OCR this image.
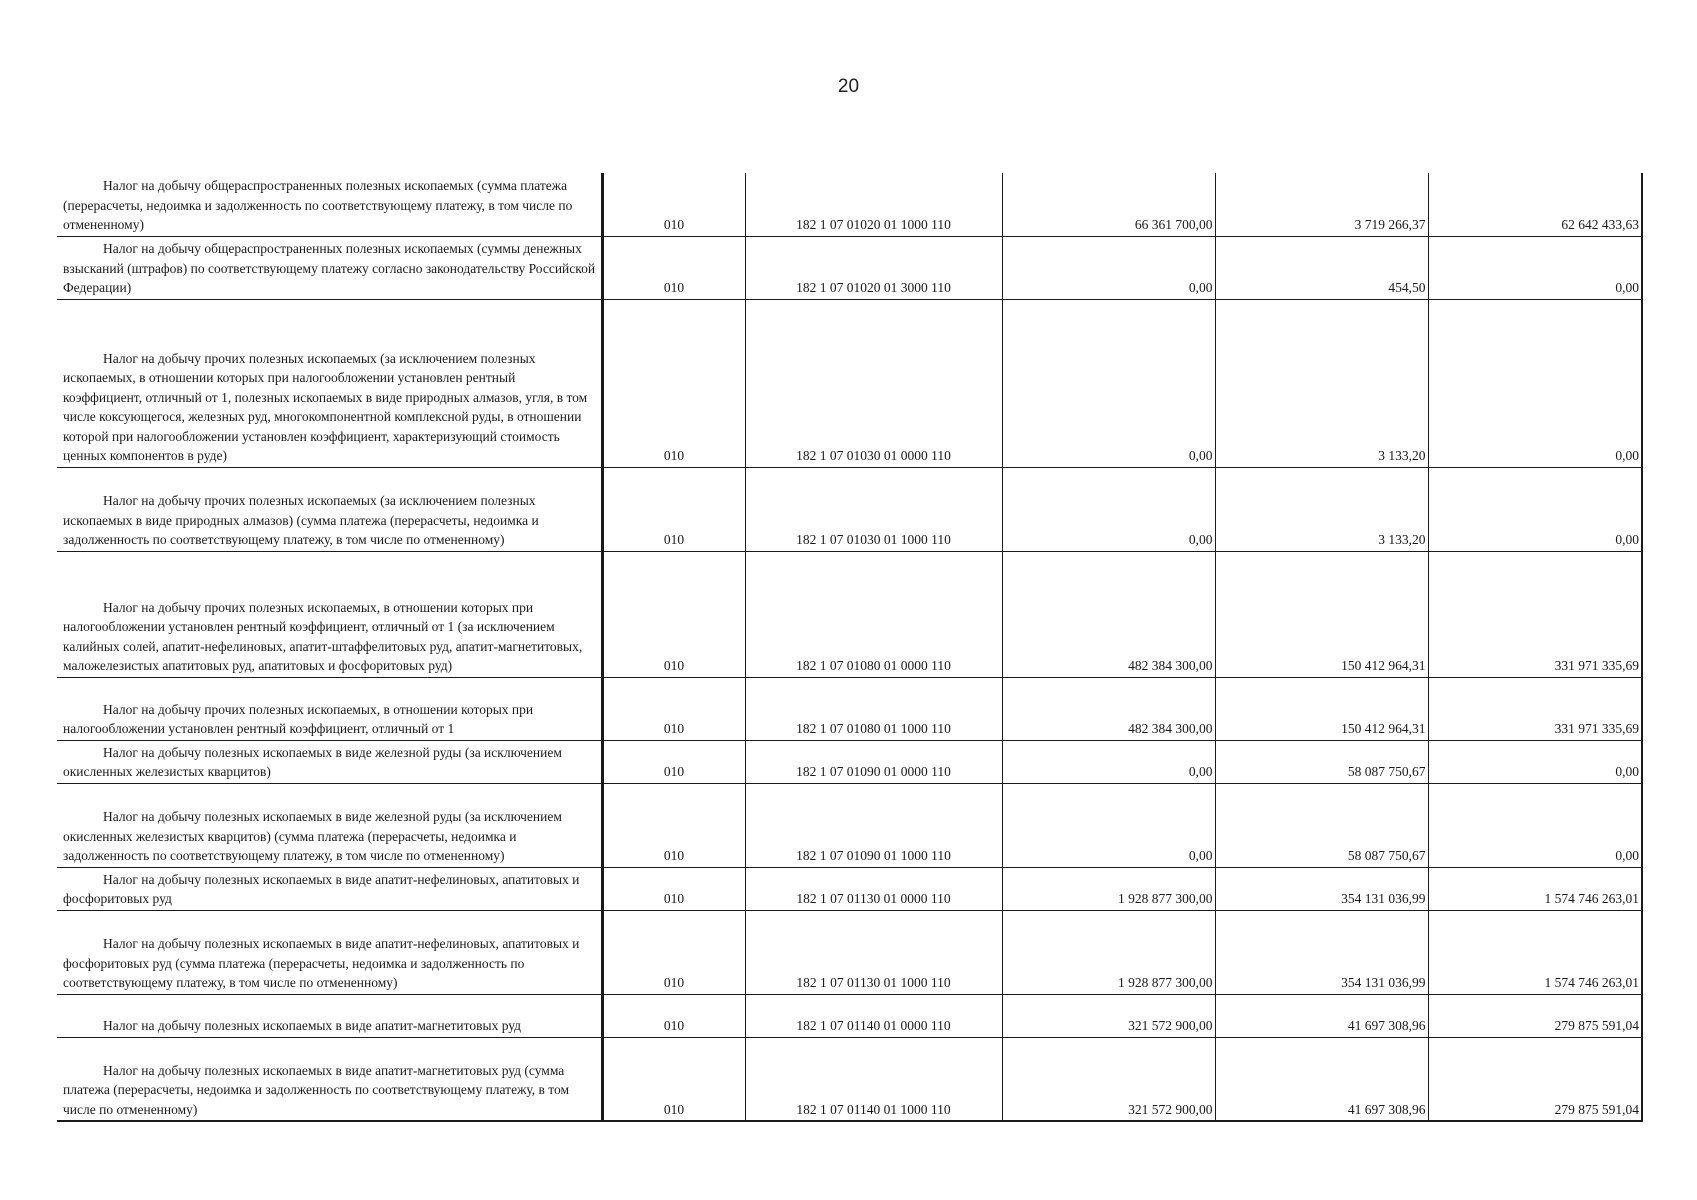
20
Налог на добычу общераспространенных полезных ископаемых (сумма платежа (перерасчеты, недоимка и задолженность по соответствующему платежу, в том числе по отмененному)	010	182 1 07 01020 01 1000 110	66 361 700,00	3 719 266,37	62 642 433,63

Налог на добычу общераспространенных полезных ископаемых (суммы денежных взысканий (штрафов) по соответствующему платежу согласно законодательству Российской Федерации)	010	182 1 07 01020 01 3000 110	0,00	454,50	0,00

Налог на добычу прочих полезных ископаемых (за исключением полезных ископаемых, в отношении которых при налогообложении установлен рентный коэффициент, отличный от 1, полезных ископаемых в виде природных алмазов, угля, в том числе коксующегося, железных руд, многокомпонентной комплексной руды, в отношении которой при налогообложении установлен коэффициент, характеризующий стоимость ценных компонентов в руде)	010	182 1 07 01030 01 0000 110	0,00	3 133,20	0,00

Налог на добычу прочих полезных ископаемых (за исключением полезных ископаемых в виде природных алмазов) (сумма платежа (перерасчеты, недоимка и задолженность по соответствующему платежу, в том числе по отмененному)	010	182 1 07 01030 01 1000 110	0,00	3 133,20	0,00

Налог на добычу прочих полезных ископаемых, в отношении которых при налогообложении установлен рентный коэффициент, отличный от 1 (за исключением калийных солей, апатит-нефелиновых, апатит-штаффелитовых руд, апатит-магнетитовых, маложелезистых апатитовых руд, апатитовых и фосфоритовых руд)	010	182 1 07 01080 01 0000 110	482 384 300,00	150 412 964,31	331 971 335,69

Налог на добычу прочих полезных ископаемых, в отношении которых при налогообложении установлен рентный коэффициент, отличный от 1	010	182 1 07 01080 01 1000 110	482 384 300,00	150 412 964,31	331 971 335,69

Налог на добычу полезных ископаемых в виде железной руды (за исключением окисленных железистых кварцитов)	010	182 1 07 01090 01 0000 110	0,00	58 087 750,67	0,00

Налог на добычу полезных ископаемых в виде железной руды (за исключением окисленных железистых кварцитов) (сумма платежа (перерасчеты, недоимка и задолженность по соответствующему платежу, в том числе по отмененному)	010	182 1 07 01090 01 1000 110	0,00	58 087 750,67	0,00

Налог на добычу полезных ископаемых в виде апатит-нефелиновых, апатитовых и фосфоритовых руд	010	182 1 07 01130 01 0000 110	1 928 877 300,00	354 131 036,99	1 574 746 263,01

Налог на добычу полезных ископаемых в виде апатит-нефелиновых, апатитовых и фосфоритовых руд (сумма платежа (перерасчеты, недоимка и задолженность по соответствующему платежу, в том числе по отмененному)	010	182 1 07 01130 01 1000 110	1 928 877 300,00	354 131 036,99	1 574 746 263,01

Налог на добычу полезных ископаемых в виде апатит-магнетитовых руд	010	182 1 07 01140 01 0000 110	321 572 900,00	41 697 308,96	279 875 591,04

Налог на добычу полезных ископаемых в виде апатит-магнетитовых руд (сумма платежа (перерасчеты, недоимка и задолженность по соответствующему платежу, в том числе по отмененному)	010	182 1 07 01140 01 1000 110	321 572 900,00	41 697 308,96	279 875 591,04
